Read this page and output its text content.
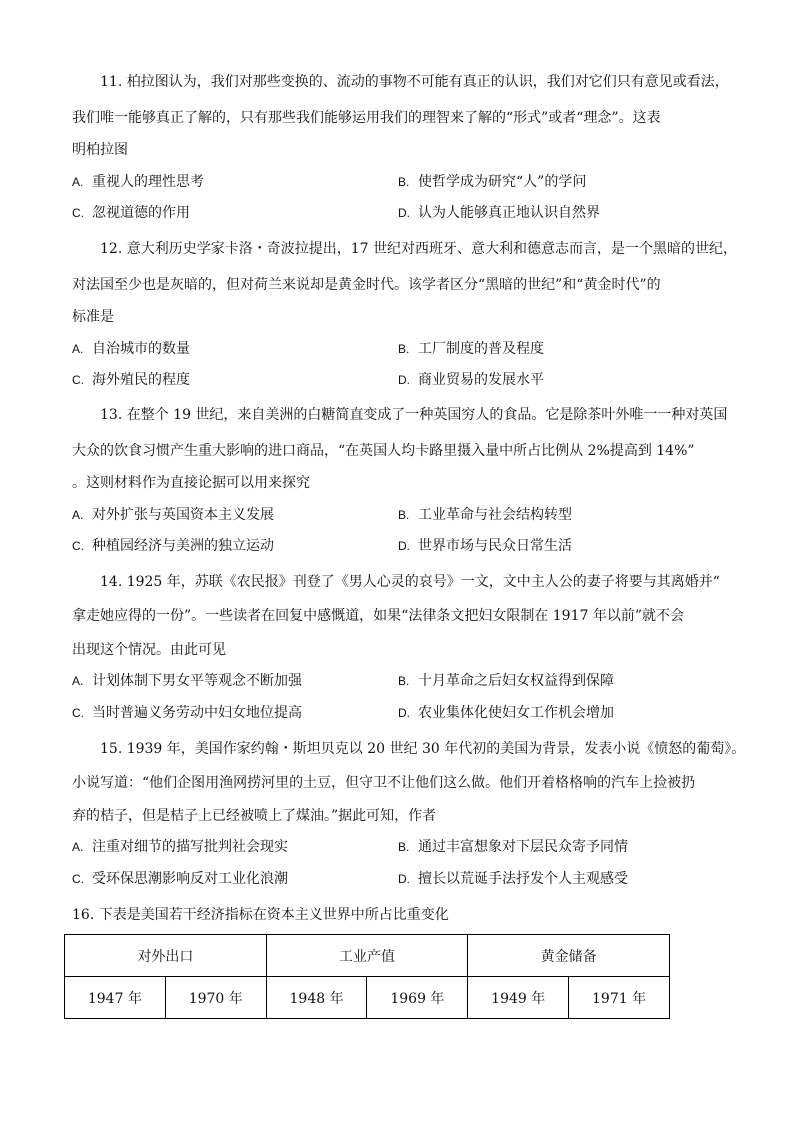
11. 柏拉图认为，我们对那些变换的、流动的事物不可能有真正的认识，我们对它们只有意见或看法，
我们唯一能够真正了解的，只有那些我们能够运用我们的理智来了解的“形式”或者“理念”。这表
明柏拉图
A. 重视人的理性思考	B. 使哲学成为研究“人”的学问
C. 忽视道德的作用	D. 认为人能够真正地认识自然界
12. 意大利历史学家卡洛・奇波拉提出，17 世纪对西班牙、意大利和德意志而言，是一个黑暗的世纪，
对法国至少也是灰暗的，但对荷兰来说却是黄金时代。该学者区分“黑暗的世纪”和“黄金时代”的
标准是
A. 自治城市的数量	B. 工厂制度的普及程度
C. 海外殖民的程度	D. 商业贸易的发展水平
13. 在整个 19 世纪，来自美洲的白糖简直变成了一种英国穷人的食品。它是除茶叶外唯一一种对英国
大众的饮食习惯产生重大影响的进口商品，“在英国人均卡路里摄入量中所占比例从 2%提高到 14%”
。这则材料作为直接论据可以用来探究
A. 对外扩张与英国资本主义发展	B. 工业革命与社会结构转型
C. 种植园经济与美洲的独立运动	D. 世界市场与民众日常生活
14. 1925 年，苏联《农民报》刊登了《男人心灵的哀号》一文，文中主人公的妻子将要与其离婚并“
拿走她应得的一份”。一些读者在回复中感慨道，如果“法律条文把妇女限制在 1917 年以前”就不会
出现这个情况。由此可见
A. 计划体制下男女平等观念不断加强	B. 十月革命之后妇女权益得到保障
C. 当时普遍义务劳动中妇女地位提高	D. 农业集体化使妇女工作机会增加
15. 1939 年，美国作家约翰・斯坦贝克以 20 世纪 30 年代初的美国为背景，发表小说《愤怒的葡萄》。
小说写道：“他们企图用渔网捞河里的土豆，但守卫不让他们这么做。他们开着格格响的汽车上捡被扔
弃的桔子，但是桔子上已经被喷上了煤油。”据此可知，作者
A. 注重对细节的描写批判社会现实	B. 通过丰富想象对下层民众寄予同情
C. 受环保思潮影响反对工业化浪潮	D. 擅长以荒诞手法抒发个人主观感受
16. 下表是美国若干经济指标在资本主义世界中所占比重变化
对外出口		工业产值		黄金储备	
1947 年	1970 年	1948 年	1969 年	1949 年	1971 年
